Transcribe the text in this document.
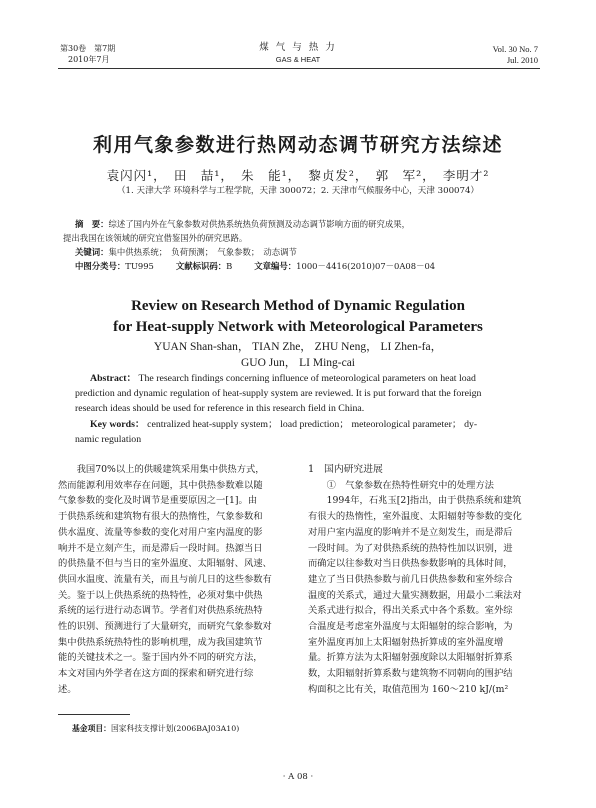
第30卷　第7期
2010年7月
煤 气 与 热 力
GAS & HEAT
Vol. 30 No. 7
Jul. 2010
利用气象参数进行热网动态调节研究方法综述
袁闪闪¹，　田　喆¹，　朱　能¹，　黎贞发²，　郭　军²，　李明才²
（1. 天津大学 环境科学与工程学院，天津 300072；2. 天津市气候服务中心，天津 300074）
摘　要：综述了国内外在气象参数对供热系统热负荷预测及动态调节影响方面的研究成果，
提出我国在该领域的研究宜借鉴国外的研究思路。
关键词：集中供热系统；　负荷预测；　气象参数；　动态调节
中图分类号：TU995	文献标识码：B	文章编号：1000－4416(2010)07－0A08－04
Review on Research Method of Dynamic Regulation
for Heat-supply Network with Meteorological Parameters
YUAN Shan-shan， TIAN Zhe， ZHU Neng， LI Zhen-fa，
GUO Jun， LI Ming-cai
Abstract： The research findings concerning influence of meteorological parameters on heat load
prediction and dynamic regulation of heat-supply system are reviewed. It is put forward that the foreign
research ideas should be used for reference in this research field in China.
Key words： centralized heat-supply system； load prediction； meteorological parameter； dy-
namic regulation

我国70%以上的供暖建筑采用集中供热方式，

然而能源利用效率存在问题，其中供热参数难以随

气象参数的变化及时调节是重要原因之一[1]。由

于供热系统和建筑物有很大的热惰性，气象参数和

供水温度、流量等参数的变化对用户室内温度的影

响并不是立刻产生，而是滞后一段时间。热源当日

的供热量不但与当日的室外温度、太阳辐射、风速、

供回水温度、流量有关，而且与前几日的这些参数有

关。鉴于以上供热系统的热特性，必须对集中供热

系统的运行进行动态调节。学者们对供热系统热特

性的识别、预测进行了大量研究，而研究气象参数对

集中供热系统热特性的影响机理，成为我国建筑节

能的关键技术之一。鉴于国内外不同的研究方法，

本文对国内外学者在这方面的探索和研究进行综

述。

基金项目：国家科技支撑计划(2006BAJ03A10)

1　国内研究进展

①　气象参数在热特性研究中的处理方法

1994年，石兆玉[2]指出，由于供热系统和建筑

有很大的热惰性，室外温度、太阳辐射等参数的变化

对用户室内温度的影响并不是立刻发生，而是滞后

一段时间。为了对供热系统的热特性加以识别，进

而确定以往参数对当日供热参数影响的具体时间，

建立了当日供热参数与前几日供热参数和室外综合

温度的关系式，通过大量实测数据，用最小二乘法对

关系式进行拟合，得出关系式中各个系数。室外综

合温度是考虑室外温度与太阳辐射的综合影响，为

室外温度再加上太阳辐射热折算成的室外温度增

量。折算方法为太阳辐射强度除以太阳辐射折算系

数，太阳辐射折算系数与建筑物不同朝向的围护结

构面积之比有关，取值范围为 160～210 kJ/(m²

· A 08 ·
